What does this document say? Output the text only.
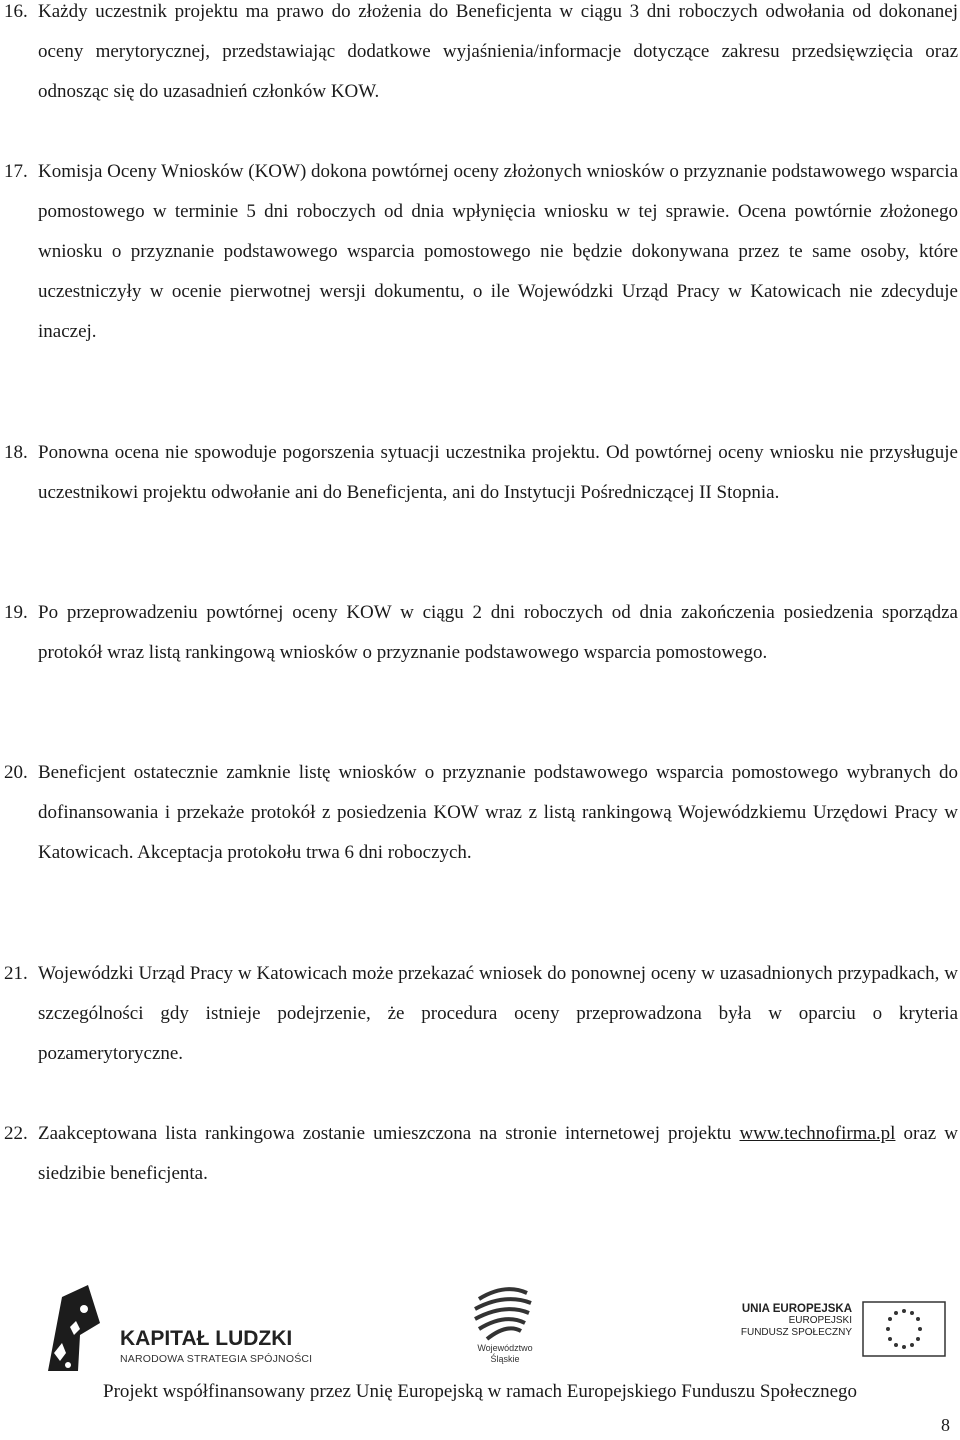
16. Każdy uczestnik projektu ma prawo do złożenia do Beneficjenta w ciągu 3 dni roboczych odwołania od dokonanej oceny merytorycznej, przedstawiając dodatkowe wyjaśnienia/informacje dotyczące zakresu przedsięwzięcia oraz odnosząc się do uzasadnień członków KOW.
17. Komisja Oceny Wniosków (KOW) dokona powtórnej oceny złożonych wniosków o przyznanie podstawowego wsparcia pomostowego w terminie 5 dni roboczych od dnia wpłynięcia wniosku w tej sprawie. Ocena powtórnie złożonego wniosku o przyznanie podstawowego wsparcia pomostowego nie będzie dokonywana przez te same osoby, które uczestniczyły w ocenie pierwotnej wersji dokumentu, o ile Wojewódzki Urząd Pracy w Katowicach nie zdecyduje inaczej.
18. Ponowna ocena nie spowoduje pogorszenia sytuacji uczestnika projektu. Od powtórnej oceny wniosku nie przysługuje uczestnikowi projektu odwołanie ani do Beneficjenta, ani do Instytucji Pośredniczącej II Stopnia.
19. Po przeprowadzeniu powtórnej oceny KOW w ciągu 2 dni roboczych od dnia zakończenia posiedzenia sporządza protokół wraz listą rankingową wniosków o przyznanie podstawowego wsparcia pomostowego.
20. Beneficjent ostatecznie zamknie listę wniosków o przyznanie podstawowego wsparcia pomostowego wybranych do dofinansowania i przekaże protokół z posiedzenia KOW wraz z listą rankingową Wojewódzkiemu Urzędowi Pracy w Katowicach. Akceptacja protokołu trwa 6 dni roboczych.
21. Wojewódzki Urząd Pracy w Katowicach może przekazać wniosek do ponownej oceny w uzasadnionych przypadkach, w szczególności gdy istnieje podejrzenie, że procedura oceny przeprowadzona była w oparciu o kryteria pozamerytoryczne.
22. Zaakceptowana lista rankingowa zostanie umieszczona na stronie internetowej projektu www.technofirma.pl oraz w siedzibie beneficjenta.
KAPITAŁ LUDZKI
NARODOWA STRATEGIA SPÓJNOŚCI
Województwo
Śląskie
UNIA EUROPEJSKA
EUROPEJSKI
FUNDUSZ SPOŁECZNY
Projekt współfinansowany przez Unię Europejską w ramach Europejskiego Funduszu Społecznego
8
